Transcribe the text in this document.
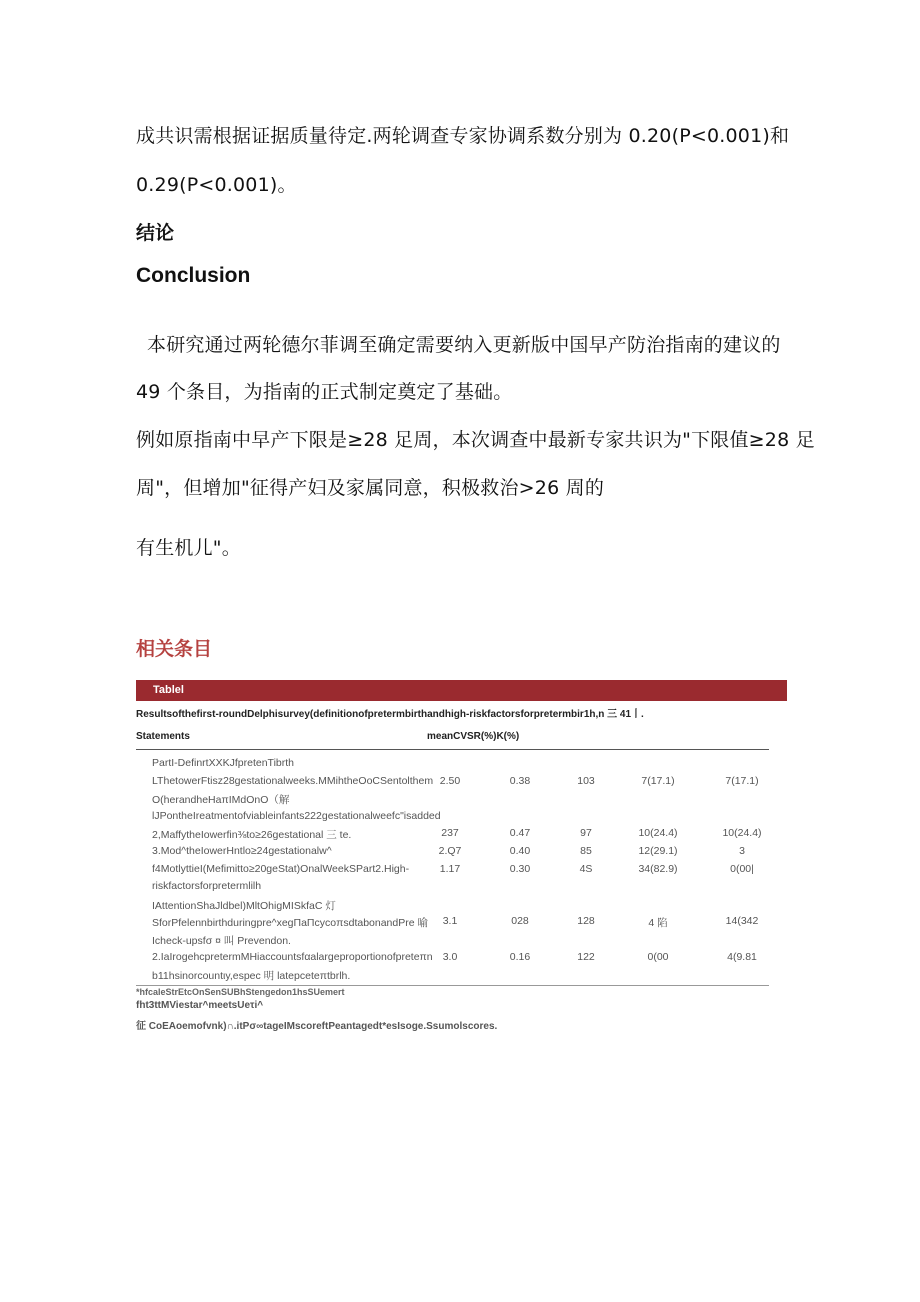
成共识需根据证据质量待定.两轮调查专家协调系数分别为 0.20(P<0.001)和
0.29(P<0.001)。
结论
Conclusion
本研究通过两轮德尔菲调至确定需要纳入更新版中国早产防治指南的建议的
49 个条目，为指南的正式制定奠定了基础。
例如原指南中早产下限是≥28 足周，本次调查中最新专家共识为"下限值≥28 足
周"，但增加"征得产妇及家属同意，积极救治>26 周的
有生机儿"。
相关条目
Tablel
Resultsofthefirst-roundDelphisurvey(definitionofpretermbirthandhigh-riskfactorsforpretermbir1h,n 三 41丨.
Statements	meanCVSR(%)K(%)
PartI-DefinrtXXKJfpretenTibrth
LThetowerFtisz28gestationalweeks.MMihtheOoCSentolthem 2.50	0.38	103	7(17.1)	7(17.1)
O(herandheHaπIMdOnO（解
lJPontheIreatmentofviableinfants222gestationalweefc"isadded
2,MaffytheIowerfin⅜to≥26gestational 三 te.	237	0.47	97	10(24.4)	10(24.4)
3.Mod^theIowerHntlo≥24gestationalw^	2.Q7	0.40	85	12(29.1)	3
f4MotlyttieI(Mefimitto≥20geStat)OnalWeekSPart2.High-	1.17	0.30	4S	34(82.9)	0(00|
riskfactorsforpretermlilh
IAttentionShaJldbel)MltOhigMISkfaC 灯
SforPfelennbirthduringpre^xegΠaΠcycoπsdtabonandPre 喻	3.1	028	128	4 陷	14(342
Icheck-upsfσ ¤ 叫 Prevendon.
2.IaIrogehcpretermMHiaccountsfαalargeproportionofpreteπn 3.0	0.16	122	0(00	4(9.81
b11hsinorcountιy,espec 明 latepceteπtbrlh.
*hfcaleStrEtcOnSenSUBhStengedon1hsSUemert
fht3ttMViestar^meetsUeτi^
征 CoEAoemofvnk)∩.itPσ∞tageIMscoreftPeantagedt*esIsoge.Ssumolscores.
